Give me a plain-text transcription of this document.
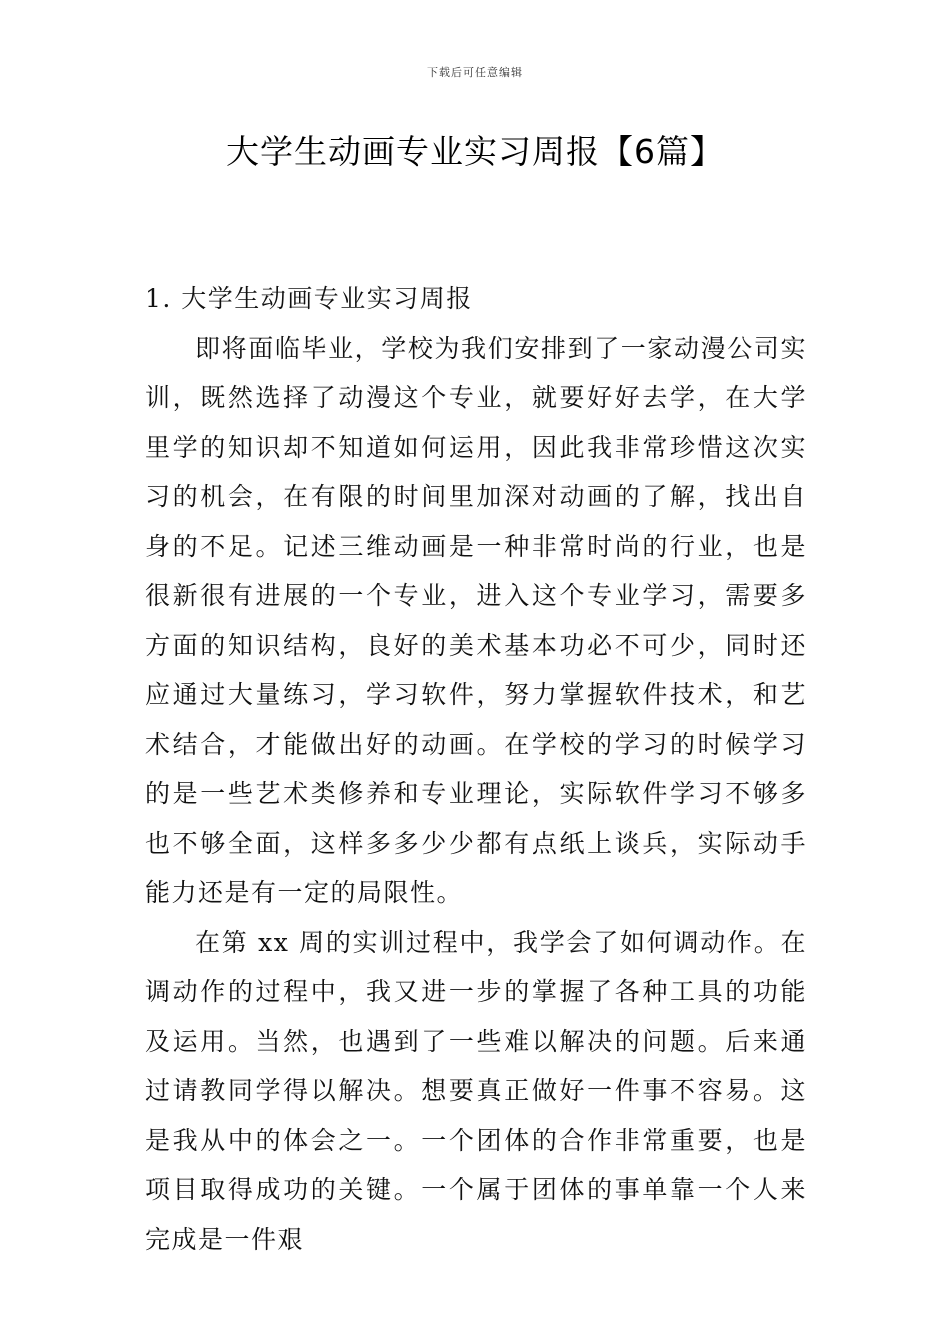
下载后可任意编辑
大学生动画专业实习周报【6篇】

1. 大学生动画专业实习周报

即将面临毕业，学校为我们安排到了一家动漫公司实训，既然选择了动漫这个专业，就要好好去学，在大学里学的知识却不知道如何运用，因此我非常珍惜这次实习的机会，在有限的时间里加深对动画的了解，找出自身的不足。记述三维动画是一种非常时尚的行业，也是很新很有进展的一个专业，进入这个专业学习，需要多方面的知识结构，良好的美术基本功必不可少，同时还应通过大量练习，学习软件，努力掌握软件技术，和艺术结合，才能做出好的动画。在学校的学习的时候学习的是一些艺术类修养和专业理论，实际软件学习不够多也不够全面，这样多多少少都有点纸上谈兵，实际动手能力还是有一定的局限性。

在第 xx 周的实训过程中，我学会了如何调动作。在调动作的过程中，我又进一步的掌握了各种工具的功能及运用。当然，也遇到了一些难以解决的问题。后来通过请教同学得以解决。想要真正做好一件事不容易。这是我从中的体会之一。一个团体的合作非常重要，也是项目取得成功的关键。一个属于团体的事单靠一个人来完成是一件艰
